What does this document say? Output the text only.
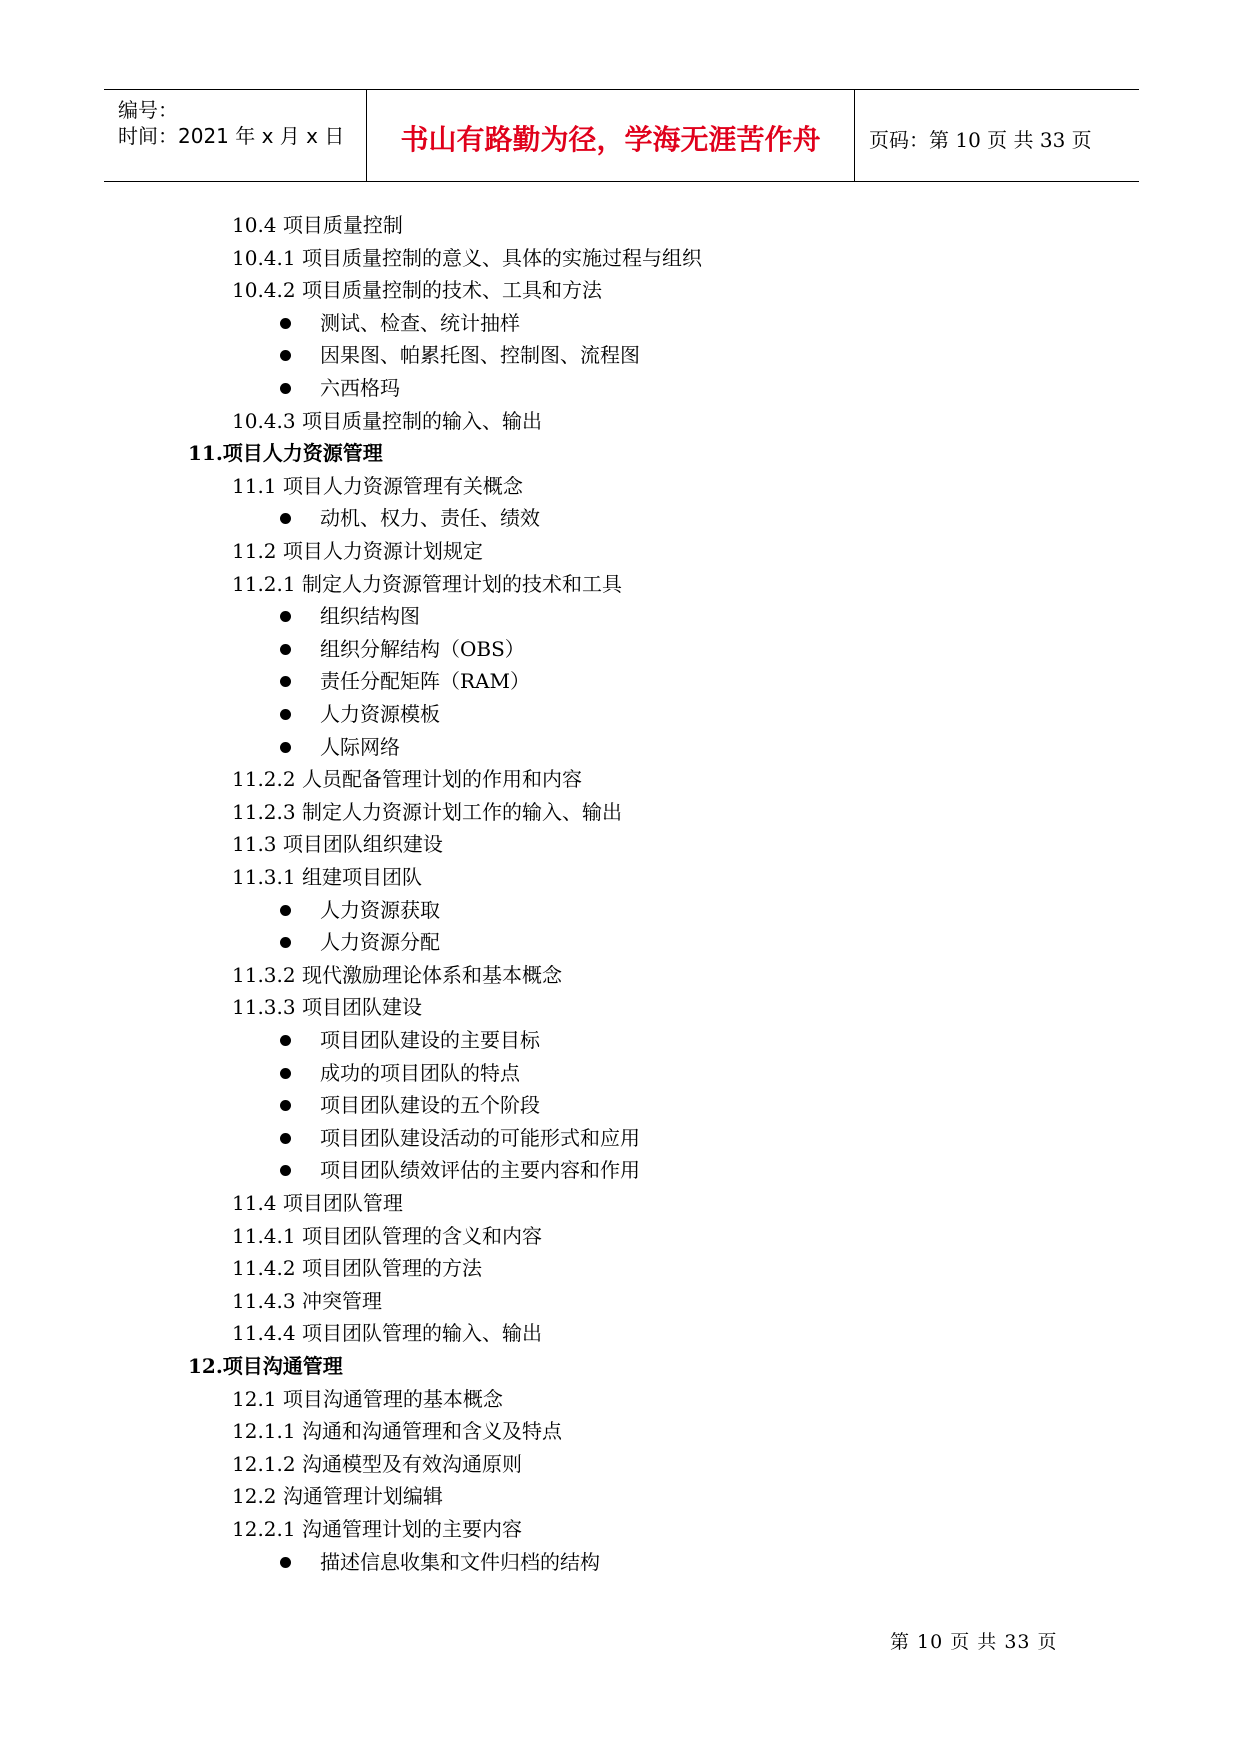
编号：
时间：2021 年 x 月 x 日	书山有路勤为径，学海无涯苦作舟	页码：第 10 页 共 33 页
10.4 项目质量控制
10.4.1 项目质量控制的意义、具体的实施过程与组织
10.4.2 项目质量控制的技术、工具和方法
测试、检查、统计抽样
因果图、帕累托图、控制图、流程图
六西格玛
10.4.3 项目质量控制的输入、输出
11.项目人力资源管理
11.1 项目人力资源管理有关概念
动机、权力、责任、绩效
11.2 项目人力资源计划规定
11.2.1 制定人力资源管理计划的技术和工具
组织结构图
组织分解结构（OBS）
责任分配矩阵（RAM）
人力资源模板
人际网络
11.2.2 人员配备管理计划的作用和内容
11.2.3 制定人力资源计划工作的输入、输出
11.3 项目团队组织建设
11.3.1 组建项目团队
人力资源获取
人力资源分配
11.3.2 现代激励理论体系和基本概念
11.3.3 项目团队建设
项目团队建设的主要目标
成功的项目团队的特点
项目团队建设的五个阶段
项目团队建设活动的可能形式和应用
项目团队绩效评估的主要内容和作用
11.4 项目团队管理
11.4.1 项目团队管理的含义和内容
11.4.2 项目团队管理的方法
11.4.3 冲突管理
11.4.4 项目团队管理的输入、输出
12.项目沟通管理
12.1 项目沟通管理的基本概念
12.1.1 沟通和沟通管理和含义及特点
12.1.2 沟通模型及有效沟通原则
12.2 沟通管理计划编辑
12.2.1 沟通管理计划的主要内容
描述信息收集和文件归档的结构
第 10 页 共 33 页
